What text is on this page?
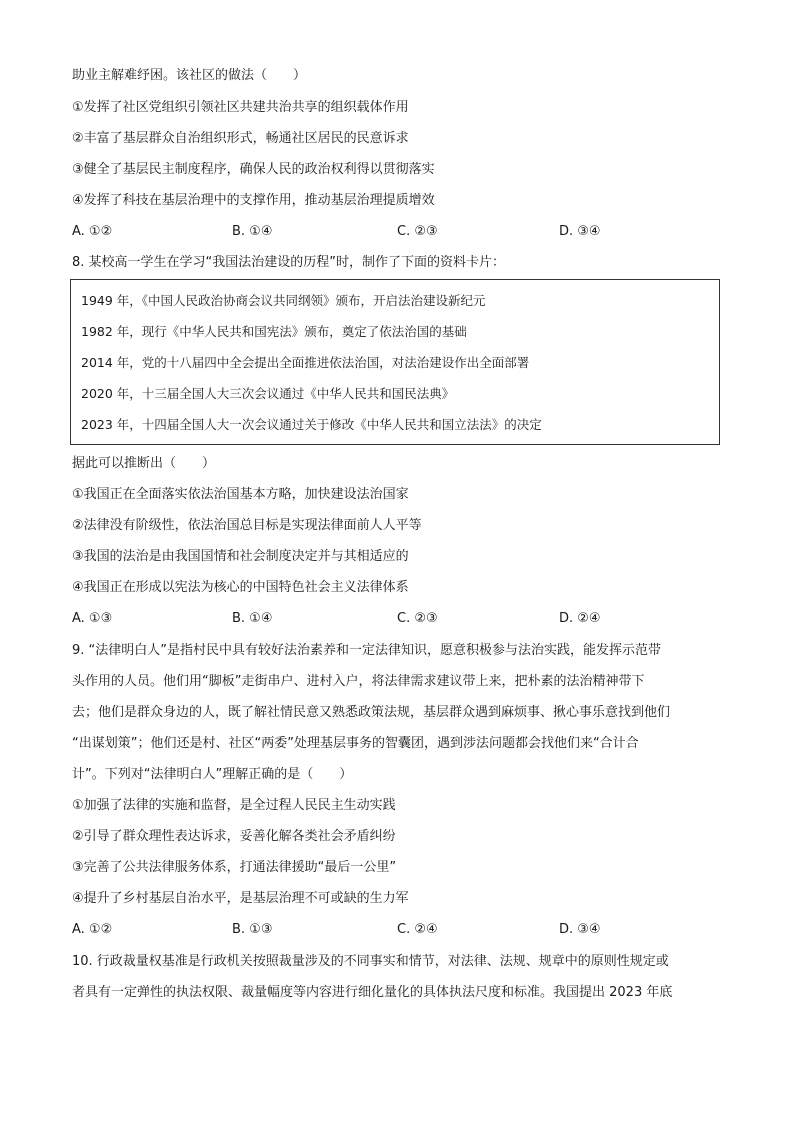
助业主解难纾困。该社区的做法（　　）
①发挥了社区党组织引领社区共建共治共享的组织载体作用
②丰富了基层群众自治组织形式，畅通社区居民的民意诉求
③健全了基层民主制度程序，确保人民的政治权利得以贯彻落实
④发挥了科技在基层治理中的支撑作用，推动基层治理提质增效
A. ①②	B. ①④	C. ②③	D. ③④
8. 某校高一学生在学习“我国法治建设的历程”时，制作了下面的资料卡片：
1949 年，《中国人民政治协商会议共同纲领》颁布，开启法治建设新纪元
1982 年，现行《中华人民共和国宪法》颁布，奠定了依法治国的基础
2014 年，党的十八届四中全会提出全面推进依法治国，对法治建设作出全面部署
2020 年，十三届全国人大三次会议通过《中华人民共和国民法典》
2023 年，十四届全国人大一次会议通过关于修改《中华人民共和国立法法》的决定
据此可以推断出（　　）
①我国正在全面落实依法治国基本方略，加快建设法治国家
②法律没有阶级性，依法治国总目标是实现法律面前人人平等
③我国的法治是由我国国情和社会制度决定并与其相适应的
④我国正在形成以宪法为核心的中国特色社会主义法律体系
A. ①③	B. ①④	C. ②③	D. ②④
9. “法律明白人”是指村民中具有较好法治素养和一定法律知识，愿意积极参与法治实践，能发挥示范带
头作用的人员。他们用“脚板”走街串户、进村入户，将法律需求建议带上来，把朴素的法治精神带下
去；他们是群众身边的人，既了解社情民意又熟悉政策法规，基层群众遇到麻烦事、揪心事乐意找到他们
“出谋划策”；他们还是村、社区“两委”处理基层事务的智囊团，遇到涉法问题都会找他们来“合计合
计”。下列对“法律明白人”理解正确的是（　　）
①加强了法律的实施和监督，是全过程人民民主生动实践
②引导了群众理性表达诉求，妥善化解各类社会矛盾纠纷
③完善了公共法律服务体系，打通法律援助“最后一公里”
④提升了乡村基层自治水平，是基层治理不可或缺的生力军
A. ①②	B. ①③	C. ②④	D. ③④
10. 行政裁量权基准是行政机关按照裁量涉及的不同事实和情节，对法律、法规、规章中的原则性规定或
者具有一定弹性的执法权限、裁量幅度等内容进行细化量化的具体执法尺度和标准。我国提出 2023 年底
